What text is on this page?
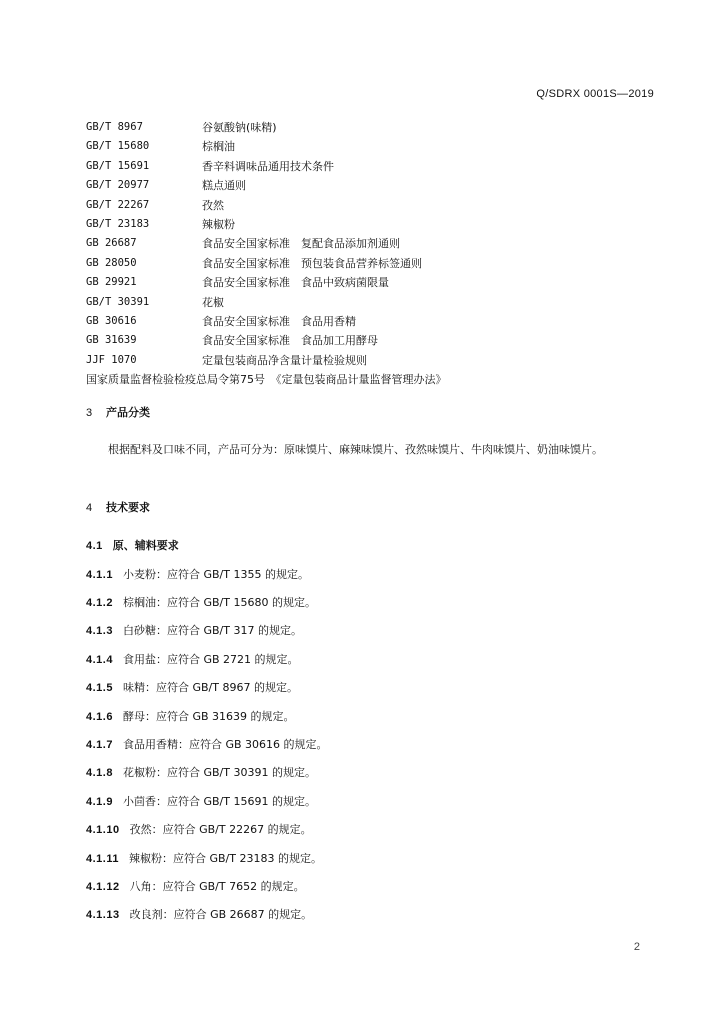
Q/SDRX 0001S—2019
GB/T 8967	谷氨酸钠(味精)
GB/T 15680	棕榈油
GB/T 15691	香辛料调味品通用技术条件
GB/T 20977	糕点通则
GB/T 22267	孜然
GB/T 23183	辣椒粉
GB 26687	食品安全国家标准　复配食品添加剂通则
GB 28050	食品安全国家标准　预包装食品营养标签通则
GB 29921	食品安全国家标准　食品中致病菌限量
GB/T 30391	花椒
GB 30616	食品安全国家标准　食品用香精
GB 31639	食品安全国家标准　食品加工用酵母
JJF 1070	定量包装商品净含量计量检验规则
国家质量监督检验检疫总局令第75号　《定量包装商品计量监督管理办法》
3 产品分类
根据配料及口味不同，产品可分为：原味馍片、麻辣味馍片、孜然味馍片、牛肉味馍片、奶油味馍片。
4 技术要求
4.1 原、辅料要求
4.1.1 小麦粉：应符合 GB/T 1355 的规定。
4.1.2 棕榈油：应符合 GB/T 15680 的规定。
4.1.3 白砂糖：应符合 GB/T 317 的规定。
4.1.4 食用盐：应符合 GB 2721 的规定。
4.1.5 味精：应符合 GB/T 8967 的规定。
4.1.6 酵母：应符合 GB 31639 的规定。
4.1.7 食品用香精：应符合 GB 30616 的规定。
4.1.8 花椒粉：应符合 GB/T 30391 的规定。
4.1.9 小茴香：应符合 GB/T 15691 的规定。
4.1.10 孜然：应符合 GB/T 22267 的规定。
4.1.11 辣椒粉：应符合 GB/T 23183 的规定。
4.1.12 八角：应符合 GB/T 7652 的规定。
4.1.13 改良剂：应符合 GB 26687 的规定。
2
